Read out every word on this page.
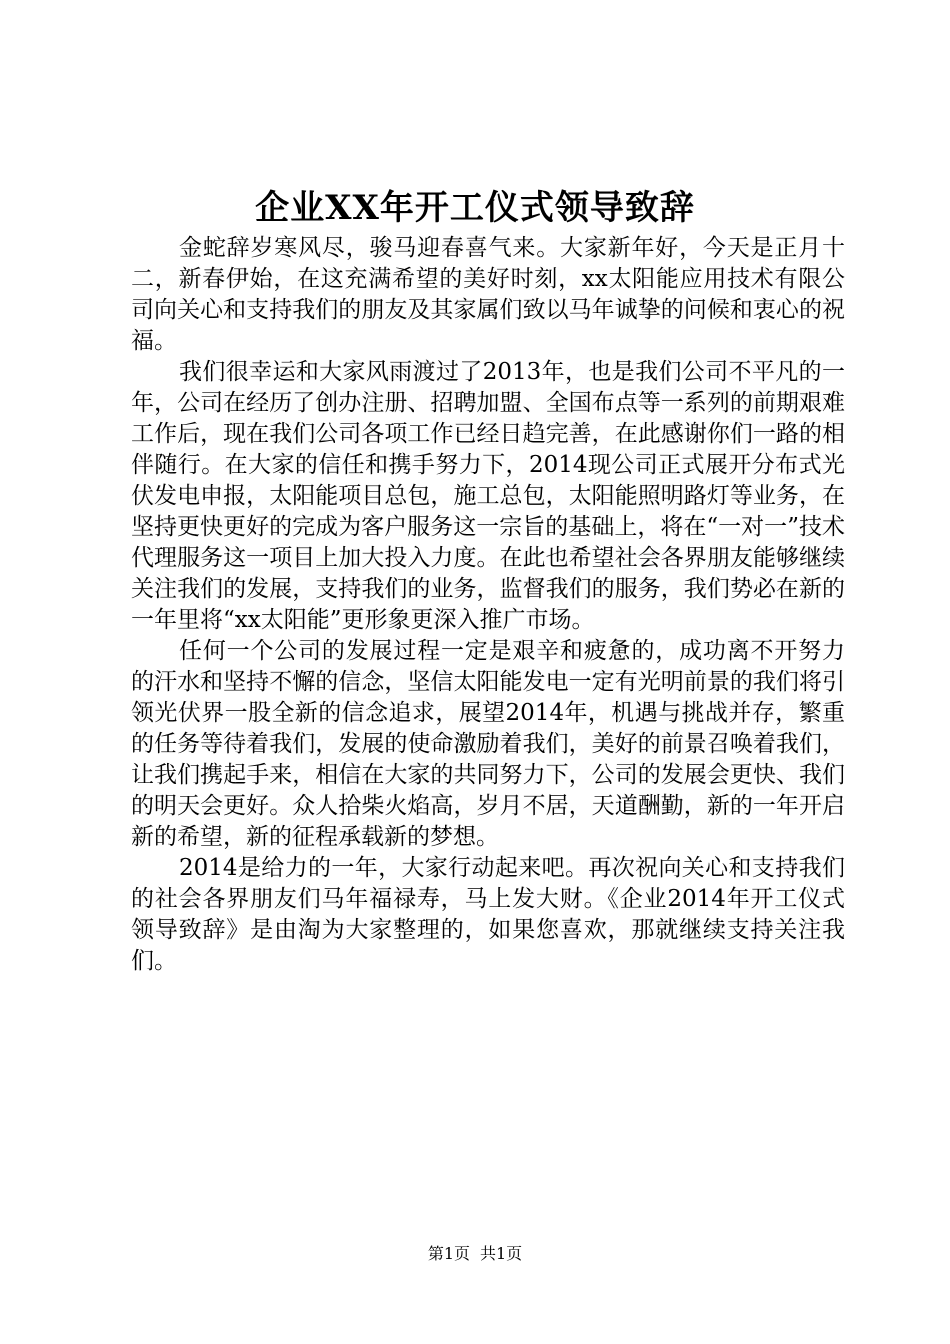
企业XX年开工仪式领导致辞

金蛇辞岁寒风尽，骏马迎春喜气来。大家新年好，今天是正月十二，新春伊始，在这充满希望的美好时刻，xx太阳能应用技术有限公司向关心和支持我们的朋友及其家属们致以马年诚挚的问候和衷心的祝福。

我们很幸运和大家风雨渡过了2013年，也是我们公司不平凡的一年，公司在经历了创办注册、招聘加盟、全国布点等一系列的前期艰难工作后，现在我们公司各项工作已经日趋完善，在此感谢你们一路的相伴随行。在大家的信任和携手努力下，2014现公司正式展开分布式光伏发电申报，太阳能项目总包，施工总包，太阳能照明路灯等业务，在坚持更快更好的完成为客户服务这一宗旨的基础上，将在“一对一”技术代理服务这一项目上加大投入力度。在此也希望社会各界朋友能够继续关注我们的发展，支持我们的业务，监督我们的服务，我们势必在新的一年里将“xx太阳能”更形象更深入推广市场。

任何一个公司的发展过程一定是艰辛和疲惫的，成功离不开努力的汗水和坚持不懈的信念，坚信太阳能发电一定有光明前景的我们将引领光伏界一股全新的信念追求，展望2014年，机遇与挑战并存，繁重的任务等待着我们，发展的使命激励着我们，美好的前景召唤着我们，让我们携起手来，相信在大家的共同努力下，公司的发展会更快、我们的明天会更好。众人拾柴火焰高，岁月不居，天道酬勤，新的一年开启新的希望，新的征程承载新的梦想。

2014是给力的一年，大家行动起来吧。再次祝向关心和支持我们的社会各界朋友们马年福禄寿，马上发大财。《企业2014年开工仪式领导致辞》是由淘为大家整理的，如果您喜欢，那就继续支持关注我们。

第1页 共1页
